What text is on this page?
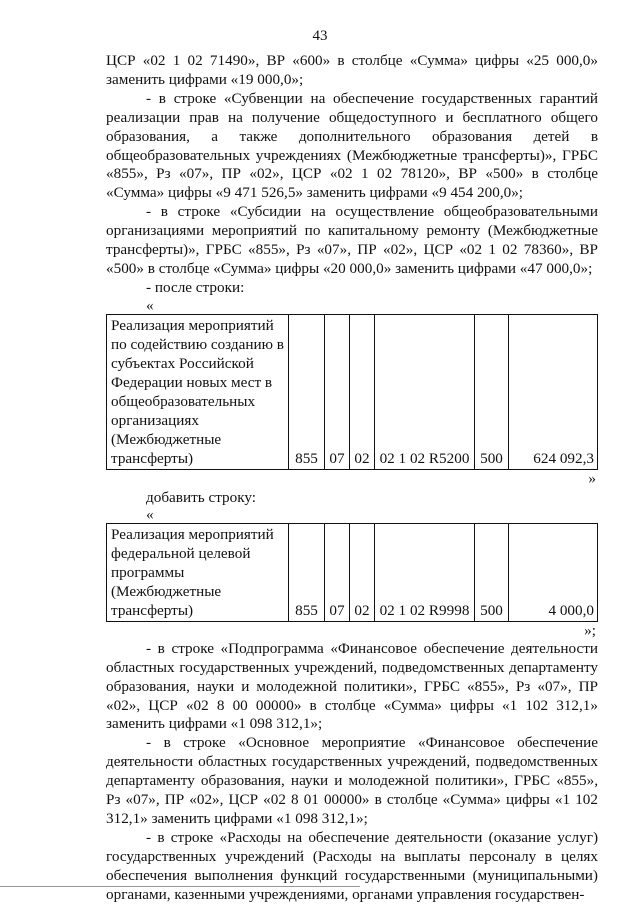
43

ЦСР «02 1 02 71490», ВР «600» в столбце «Сумма» цифры «25 000,0» заменить цифрами «19 000,0»;

- в строке «Субвенции на обеспечение государственных гарантий реализации прав на получение общедоступного и бесплатного общего образования, а также дополнительного образования детей в общеобразовательных учреждениях (Межбюджетные трансферты)», ГРБС «855», Рз «07», ПР «02», ЦСР «02 1 02 78120», ВР «500» в столбце «Сумма» цифры «9 471 526,5» заменить цифрами «9 454 200,0»;

- в строке «Субсидии на осуществление общеобразовательными организациями мероприятий по капитальному ремонту (Межбюджетные трансферты)», ГРБС «855», Рз «07», ПР «02», ЦСР «02 1 02 78360», ВР «500» в столбце «Сумма» цифры «20 000,0» заменить цифрами «47 000,0»;

- после строки:

«

Реализация мероприятий по содействию созданию в субъектах Российской Федерации новых мест в общеобразовательных организациях (Межбюджетные трансферты)	855	07	02	02 1 02 R5200	500	624 092,3

»

добавить строку:

«

Реализация мероприятий федеральной целевой программы (Межбюджетные трансферты)	855	07	02	02 1 02 R9998	500	4 000,0

»;

- в строке «Подпрограмма «Финансовое обеспечение деятельности областных государственных учреждений, подведомственных департаменту образования, науки и молодежной политики», ГРБС «855», Рз «07», ПР «02», ЦСР «02 8 00 00000» в столбце «Сумма» цифры «1 102 312,1» заменить цифрами «1 098 312,1»;

- в строке «Основное мероприятие «Финансовое обеспечение деятельности областных государственных учреждений, подведомственных департаменту образования, науки и молодежной политики», ГРБС «855», Рз «07», ПР «02», ЦСР «02 8 01 00000» в столбце «Сумма» цифры «1 102 312,1» заменить цифрами «1 098 312,1»;

- в строке «Расходы на обеспечение деятельности (оказание услуг) государственных учреждений (Расходы на выплаты персоналу в целях обеспечения выполнения функций государственными (муниципальными) органами, казенными учреждениями, органами управления государствен-
